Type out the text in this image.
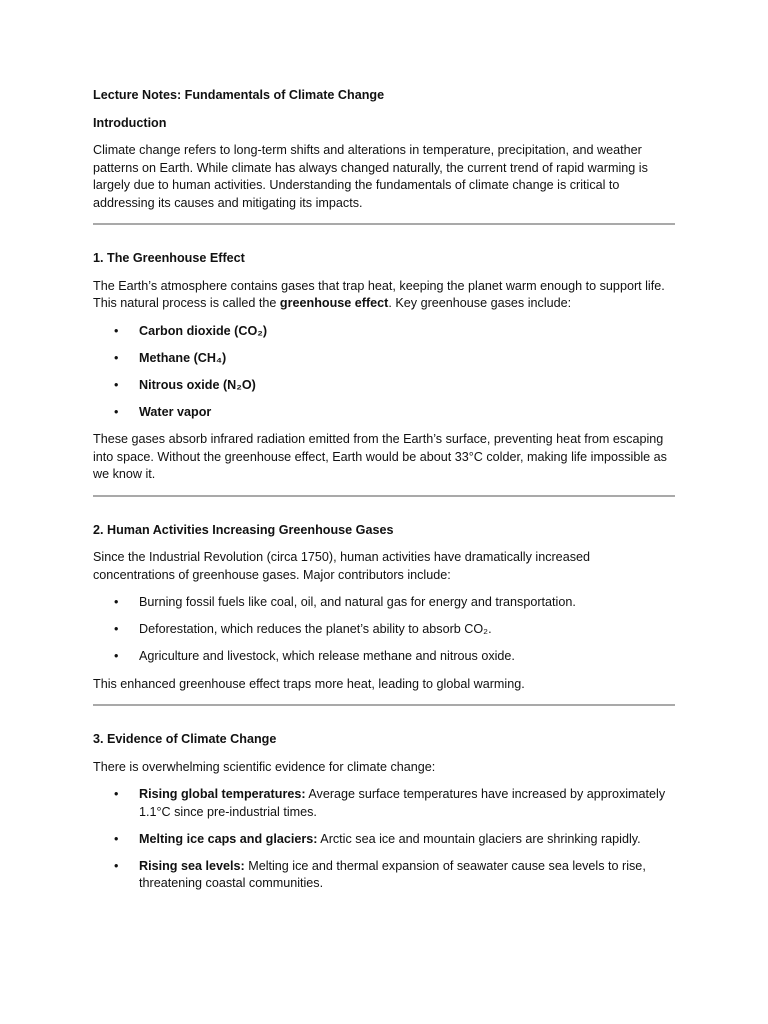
Lecture Notes: Fundamentals of Climate Change

Introduction

Climate change refers to long-term shifts and alterations in temperature, precipitation, and weather patterns on Earth. While climate has always changed naturally, the current trend of rapid warming is largely due to human activities. Understanding the fundamentals of climate change is critical to addressing its causes and mitigating its impacts.

1. The Greenhouse Effect

The Earth’s atmosphere contains gases that trap heat, keeping the planet warm enough to support life. This natural process is called the greenhouse effect. Key greenhouse gases include:

• Carbon dioxide (CO₂)
• Methane (CH₄)
• Nitrous oxide (N₂O)
• Water vapor

These gases absorb infrared radiation emitted from the Earth’s surface, preventing heat from escaping into space. Without the greenhouse effect, Earth would be about 33°C colder, making life impossible as we know it.

2. Human Activities Increasing Greenhouse Gases

Since the Industrial Revolution (circa 1750), human activities have dramatically increased concentrations of greenhouse gases. Major contributors include:

• Burning fossil fuels like coal, oil, and natural gas for energy and transportation.
• Deforestation, which reduces the planet’s ability to absorb CO₂.
• Agriculture and livestock, which release methane and nitrous oxide.

This enhanced greenhouse effect traps more heat, leading to global warming.

3. Evidence of Climate Change

There is overwhelming scientific evidence for climate change:

• Rising global temperatures: Average surface temperatures have increased by approximately 1.1°C since pre-industrial times.
• Melting ice caps and glaciers: Arctic sea ice and mountain glaciers are shrinking rapidly.
• Rising sea levels: Melting ice and thermal expansion of seawater cause sea levels to rise, threatening coastal communities.
